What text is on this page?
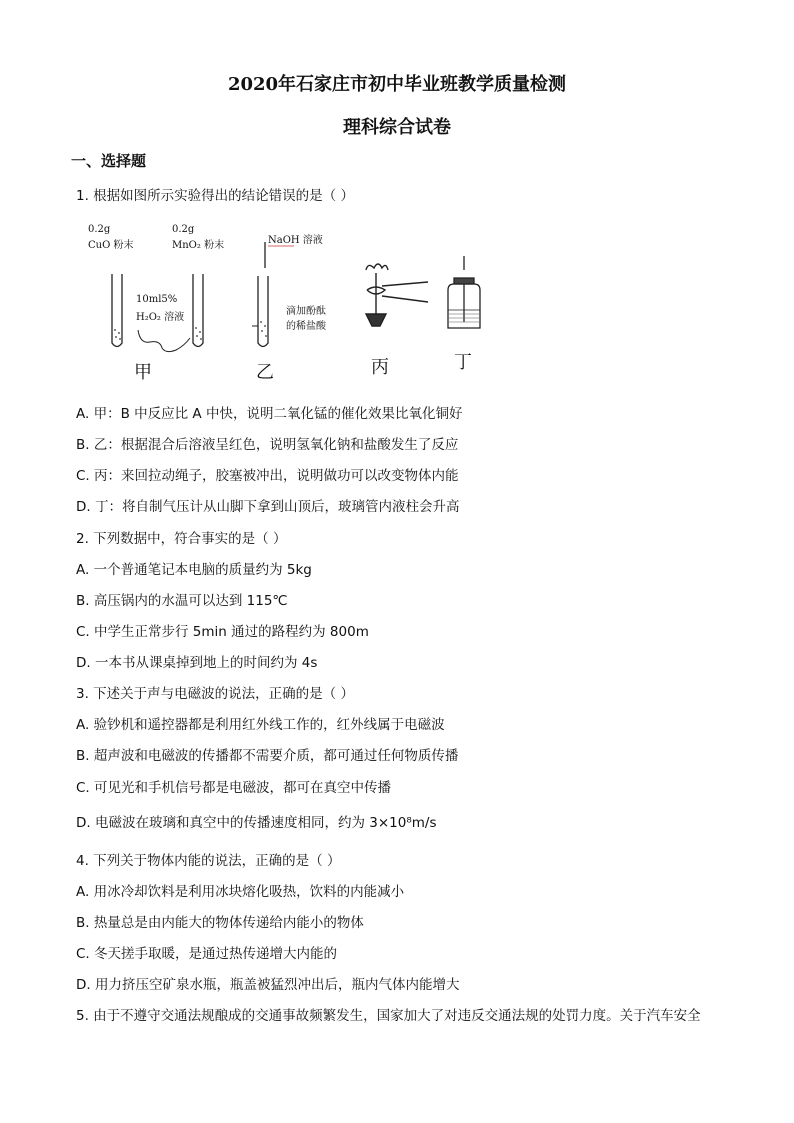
2020年石家庄市初中毕业班教学质量检测
理科综合试卷
一、选择题
1. 根据如图所示实验得出的结论错误的是（ ）
0.2g
CuO 粉末
0.2g
MnO₂ 粉末
10ml5%
H₂O₂ 溶液
甲
NaOH 溶液
滴加酚酞
的稀盐酸
乙	丙	丁
A. 甲：B 中反应比 A 中快，说明二氧化锰的催化效果比氧化铜好
B. 乙：根据混合后溶液呈红色，说明氢氧化钠和盐酸发生了反应
C. 丙：来回拉动绳子，胶塞被冲出，说明做功可以改变物体内能
D. 丁：将自制气压计从山脚下拿到山顶后，玻璃管内液柱会升高
2. 下列数据中，符合事实的是（ ）
A. 一个普通笔记本电脑的质量约为 5kg
B. 高压锅内的水温可以达到 115℃
C. 中学生正常步行 5min 通过的路程约为 800m
D. 一本书从课桌掉到地上的时间约为 4s
3. 下述关于声与电磁波的说法，正确的是（ ）
A. 验钞机和遥控器都是利用红外线工作的，红外线属于电磁波
B. 超声波和电磁波的传播都不需要介质，都可通过任何物质传播
C. 可见光和手机信号都是电磁波，都可在真空中传播
D. 电磁波在玻璃和真空中的传播速度相同，约为 3×10⁸m/s
4. 下列关于物体内能的说法，正确的是（ ）
A. 用冰冷却饮料是利用冰块熔化吸热，饮料的内能减小
B. 热量总是由内能大的物体传递给内能小的物体
C. 冬天搓手取暖，是通过热传递增大内能的
D. 用力挤压空矿泉水瓶，瓶盖被猛烈冲出后，瓶内气体内能增大
5. 由于不遵守交通法规酿成的交通事故频繁发生，国家加大了对违反交通法规的处罚力度。关于汽车安全
